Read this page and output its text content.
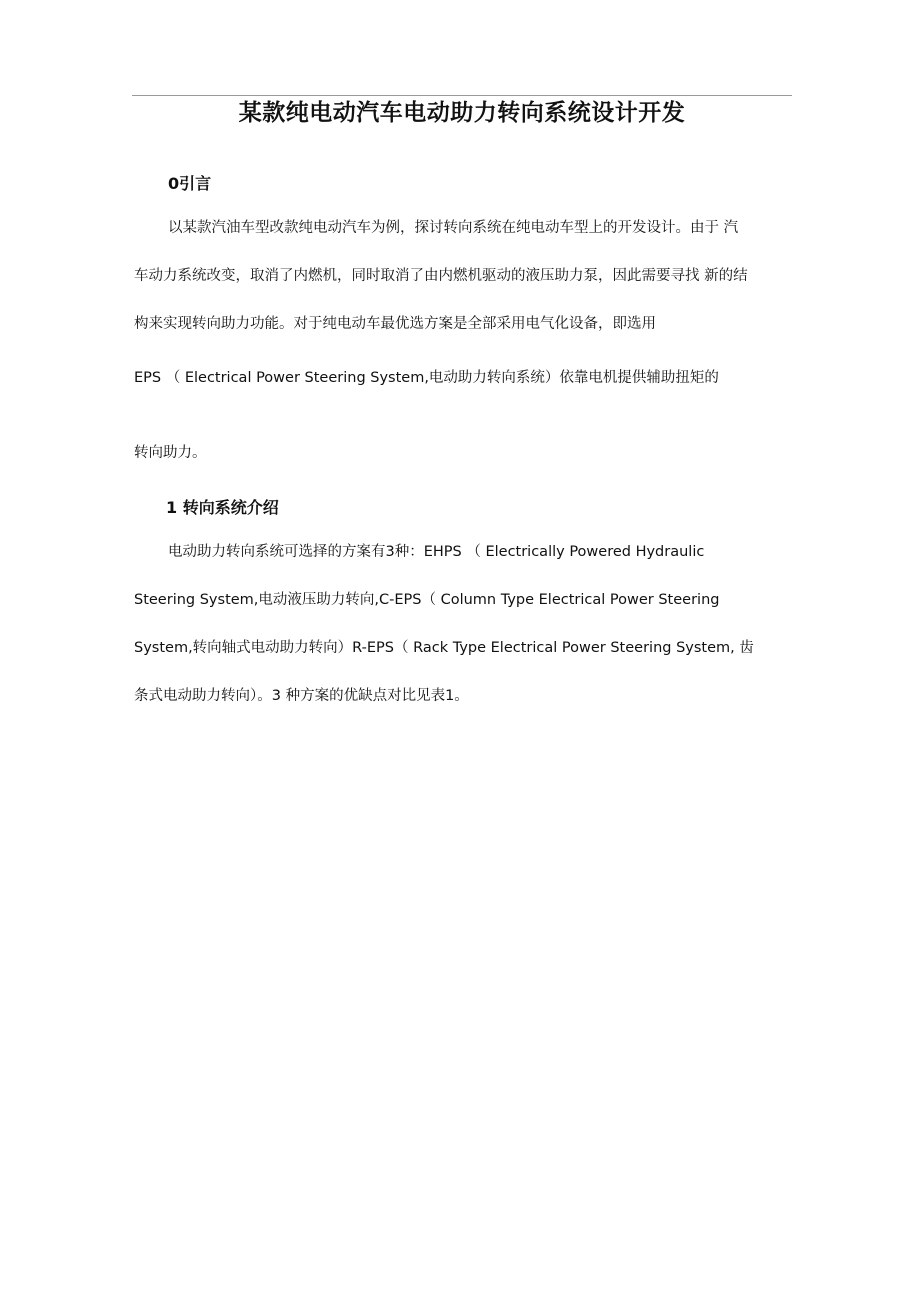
某款纯电动汽车电动助力转向系统设计开发
0引言
以某款汽油车型改款纯电动汽车为例，探讨转向系统在纯电动车型上的开发设计。由于 汽
车动力系统改变，取消了内燃机，同时取消了由内燃机驱动的液压助力泵，因此需要寻找 新的结
构来实现转向助力功能。对于纯电动车最优选方案是全部采用电气化设备，即选用
EPS （ Electrical Power Steering System,电动助力转向系统）依靠电机提供辅助扭矩的
转向助力。
1 转向系统介绍
电动助力转向系统可选择的方案有3种：EHPS （ Electrically Powered Hydraulic
Steering System,电动液压助力转向,C-EPS（ Column Type Electrical Power Steering
System,转向轴式电动助力转向）R-EPS（ Rack Type Electrical Power Steering System, 齿
条式电动助力转向）。3 种方案的优缺点对比见表1。
